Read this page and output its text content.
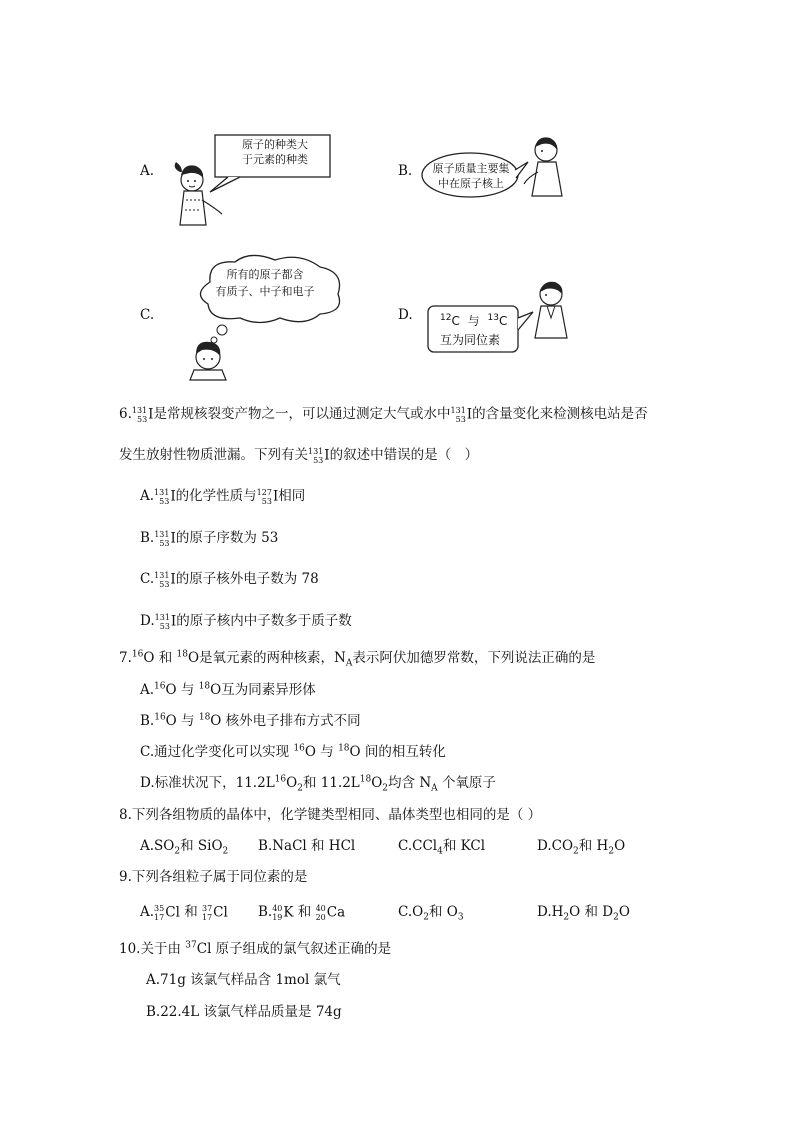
A.
原子的种类大
于元素的种类
B.	原子质量主要集
中在原子核上
C.
所有的原子都含
有质子、中子和电子
D.	$^{12}$C 与 $^{13}$C
互为同位素
6. 131
53 I是常规核裂变产物之一，可以通过测定大气或水中 131
53 I的含量变化来检测核电站是否
发生放射性物质泄漏。下列有关 131
53 I的叙述中错误的是（　）
A. 131
53 I的化学性质与 127
53 I相同
B. 131
53 I的原子序数为 53
C. 131
53 I的原子核外电子数为 78
D. 131
53 I的原子核内中子数多于质子数
7.16O 和 $^{18}$O是氧元素的两种核素，$N_A$表示阿伏加德罗常数，下列说法正确的是
A.$^{16}$O 与 $^{18}$O互为同素异形体
B.$^{16}$O 与 $^{18}$O 核外电子排布方式不同
C.通过化学变化可以实现 $^{16}$O 与 $^{18}$O 间的相互转化
D.标准状况下，$11.2L^{16}O_2$和 $11.2L^{18}O_2$均含 $N_A$ 个氧原子
8.下列各组物质的晶体中，化学键类型相同、晶体类型也相同的是（ ）
$A.SO_2$和 SiO$_2$ B.NaCl 和 HCl	C.CCl$_4$和 KCl	$D.CO_2$和 $H_2O$
9.下列各组粒子属于同位素的是
A. 35
17 Cl 和 37
17 Cl B. 40
19 K 和 40
20 Ca	$C.O_2$和 $O_3$	$D.H_2O$ 和 $D_2O$
10.关于由 $^{37}$Cl 原子组成的氯气叙述正确的是
A.71g 该氯气样品含 1mol 氯气
B.22.4L 该氯气样品质量是 74g
